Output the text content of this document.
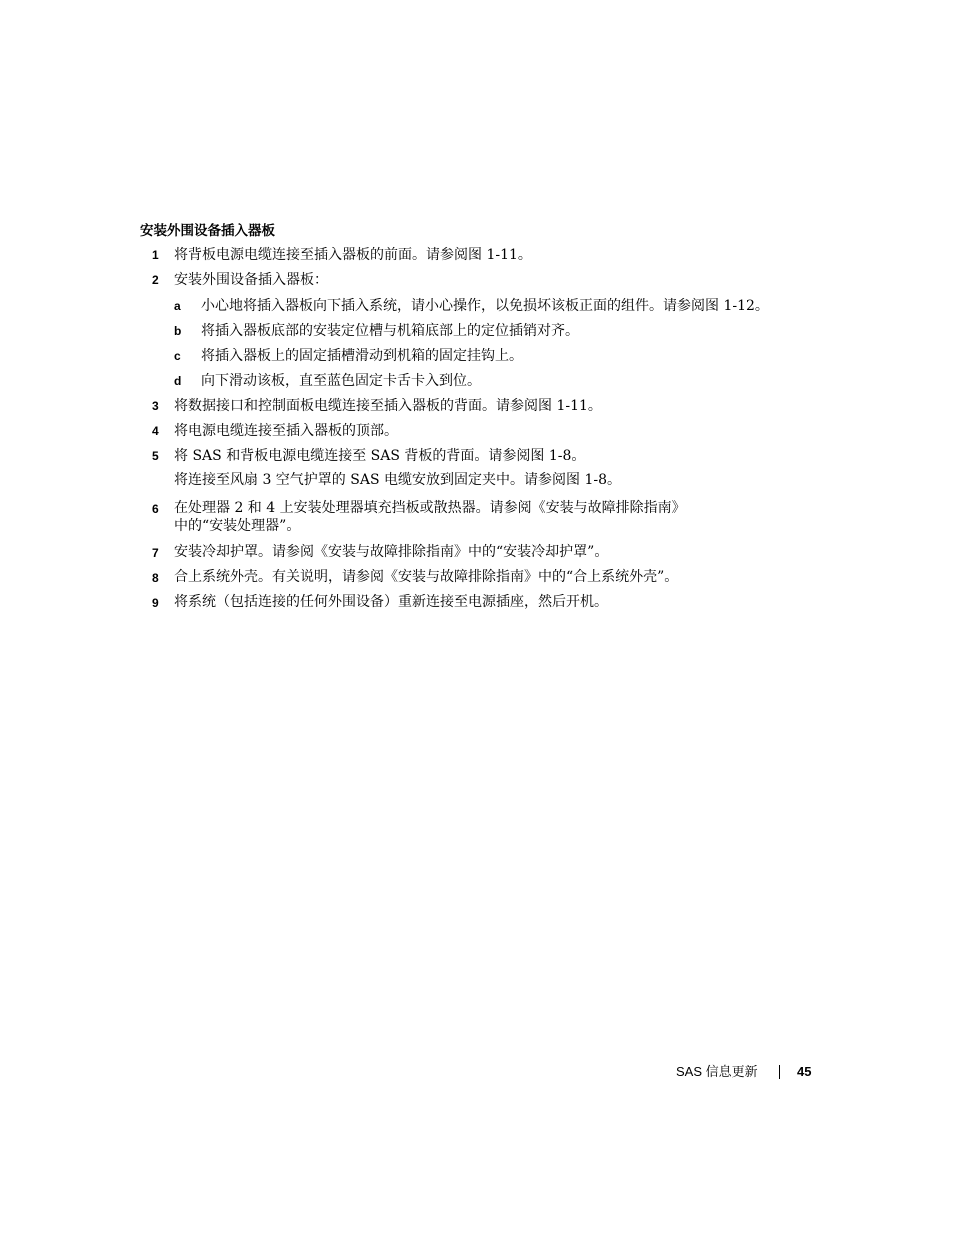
安装外围设备插入器板
1	将背板电源电缆连接至插入器板的前面。请参阅图 1-11。
2	安装外围设备插入器板：
a	小心地将插入器板向下插入系统，请小心操作，以免损坏该板正面的组件。请参阅图 1-12。
b	将插入器板底部的安装定位槽与机箱底部上的定位插销对齐。
c	将插入器板上的固定插槽滑动到机箱的固定挂钩上。
d	向下滑动该板，直至蓝色固定卡舌卡入到位。
3	将数据接口和控制面板电缆连接至插入器板的背面。请参阅图 1-11。
4	将电源电缆连接至插入器板的顶部。
5	将 SAS 和背板电源电缆连接至 SAS 背板的背面。请参阅图 1-8。
将连接至风扇 3 空气护罩的 SAS 电缆安放到固定夹中。请参阅图 1-8。
6	在处理器 2 和 4 上安装处理器填充挡板或散热器。请参阅《安装与故障排除指南》
中的“安装处理器”。
7	安装冷却护罩。请参阅《安装与故障排除指南》中的“安装冷却护罩”。
8	合上系统外壳。有关说明，请参阅《安装与故障排除指南》中的“合上系统外壳”。
9	将系统（包括连接的任何外围设备）重新连接至电源插座，然后开机。
SAS 信息更新	45
